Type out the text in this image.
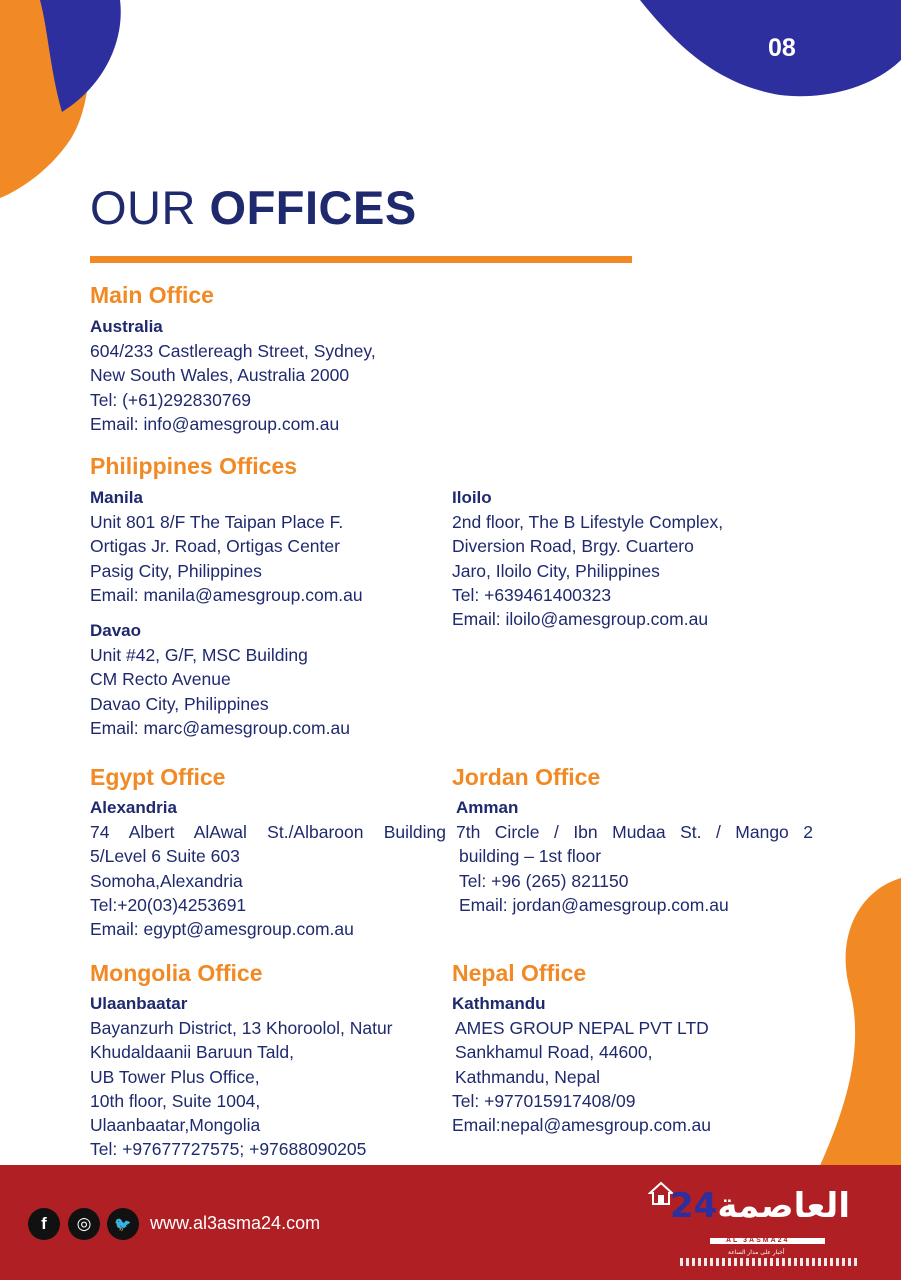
08
OUR OFFICES
Main Office
Australia
604/233 Castlereagh Street, Sydney,
New South Wales, Australia 2000
Tel: (+61)292830769
Email: info@amesgroup.com.au
Philippines Offices
Manila
Unit 801 8/F The Taipan Place F.
Ortigas Jr. Road, Ortigas Center
Pasig City, Philippines
Email: manila@amesgroup.com.au
Iloilo
2nd floor, The B Lifestyle Complex,
Diversion Road, Brgy. Cuartero
Jaro, Iloilo City, Philippines
Tel: +639461400323
Email: iloilo@amesgroup.com.au
Davao
Unit #42, G/F, MSC Building
CM Recto Avenue
Davao City, Philippines
Email: marc@amesgroup.com.au
Egypt Office	Jordan Office
Alexandria
74 Albert AlAwal St./Albaroon Building
5/Level 6 Suite 603
Somoha,Alexandria
Tel:+20(03)4253691
Email: egypt@amesgroup.com.au
Amman
7th Circle / Ibn Mudaa St. / Mango 2
building – 1st floor
Tel: +96 (265) 821150
Email: jordan@amesgroup.com.au
Mongolia Office	Nepal Office
Ulaanbaatar
Bayanzurh District, 13 Khoroolol, Natur
Khudaldaanii Baruun Tald,
UB Tower Plus Office,
10th floor, Suite 1004,
Ulaanbaatar,Mongolia
Tel: +97677727575; +97688090205
Kathmandu
AMES GROUP NEPAL PVT LTD
Sankhamul Road, 44600,
Kathmandu, Nepal
Tel: +977015917408/09
Email:nepal@amesgroup.com.au
f	◎	🐦	www.al3asma24.com	العاصمة24
AL 3ASMA24
أخبار على مدار الساعة
